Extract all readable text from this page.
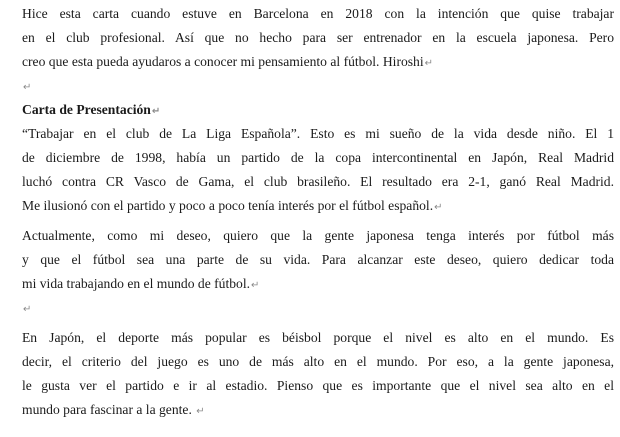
Hice esta carta cuando estuve en Barcelona en 2018 con la intención que quise trabajar
en el club profesional. Así que no hecho para ser entrenador en la escuela japonesa. Pero
creo que esta pueda ayudaros a conocer mi pensamiento al fútbol. Hiroshi↵
↵
Carta de Presentación↵
“Trabajar en el club de La Liga Española”. Esto es mi sueño de la vida desde niño. El 1
de diciembre de 1998, había un partido de la copa intercontinental en Japón, Real Madrid
luchó contra CR Vasco de Gama, el club brasileño. El resultado era 2-1, ganó Real Madrid.
Me ilusionó con el partido y poco a poco tenía interés por el fútbol español.↵
Actualmente, como mi deseo, quiero que la gente japonesa tenga interés por fútbol más
y que el fútbol sea una parte de su vida. Para alcanzar este deseo, quiero dedicar toda
mi vida trabajando en el mundo de fútbol.↵
↵
En Japón, el deporte más popular es béisbol porque el nivel es alto en el mundo. Es
decir, el criterio del juego es uno de más alto en el mundo. Por eso, a la gente japonesa,
le gusta ver el partido e ir al estadio. Pienso que es importante que el nivel sea alto en el
mundo para fascinar a la gente. ↵
